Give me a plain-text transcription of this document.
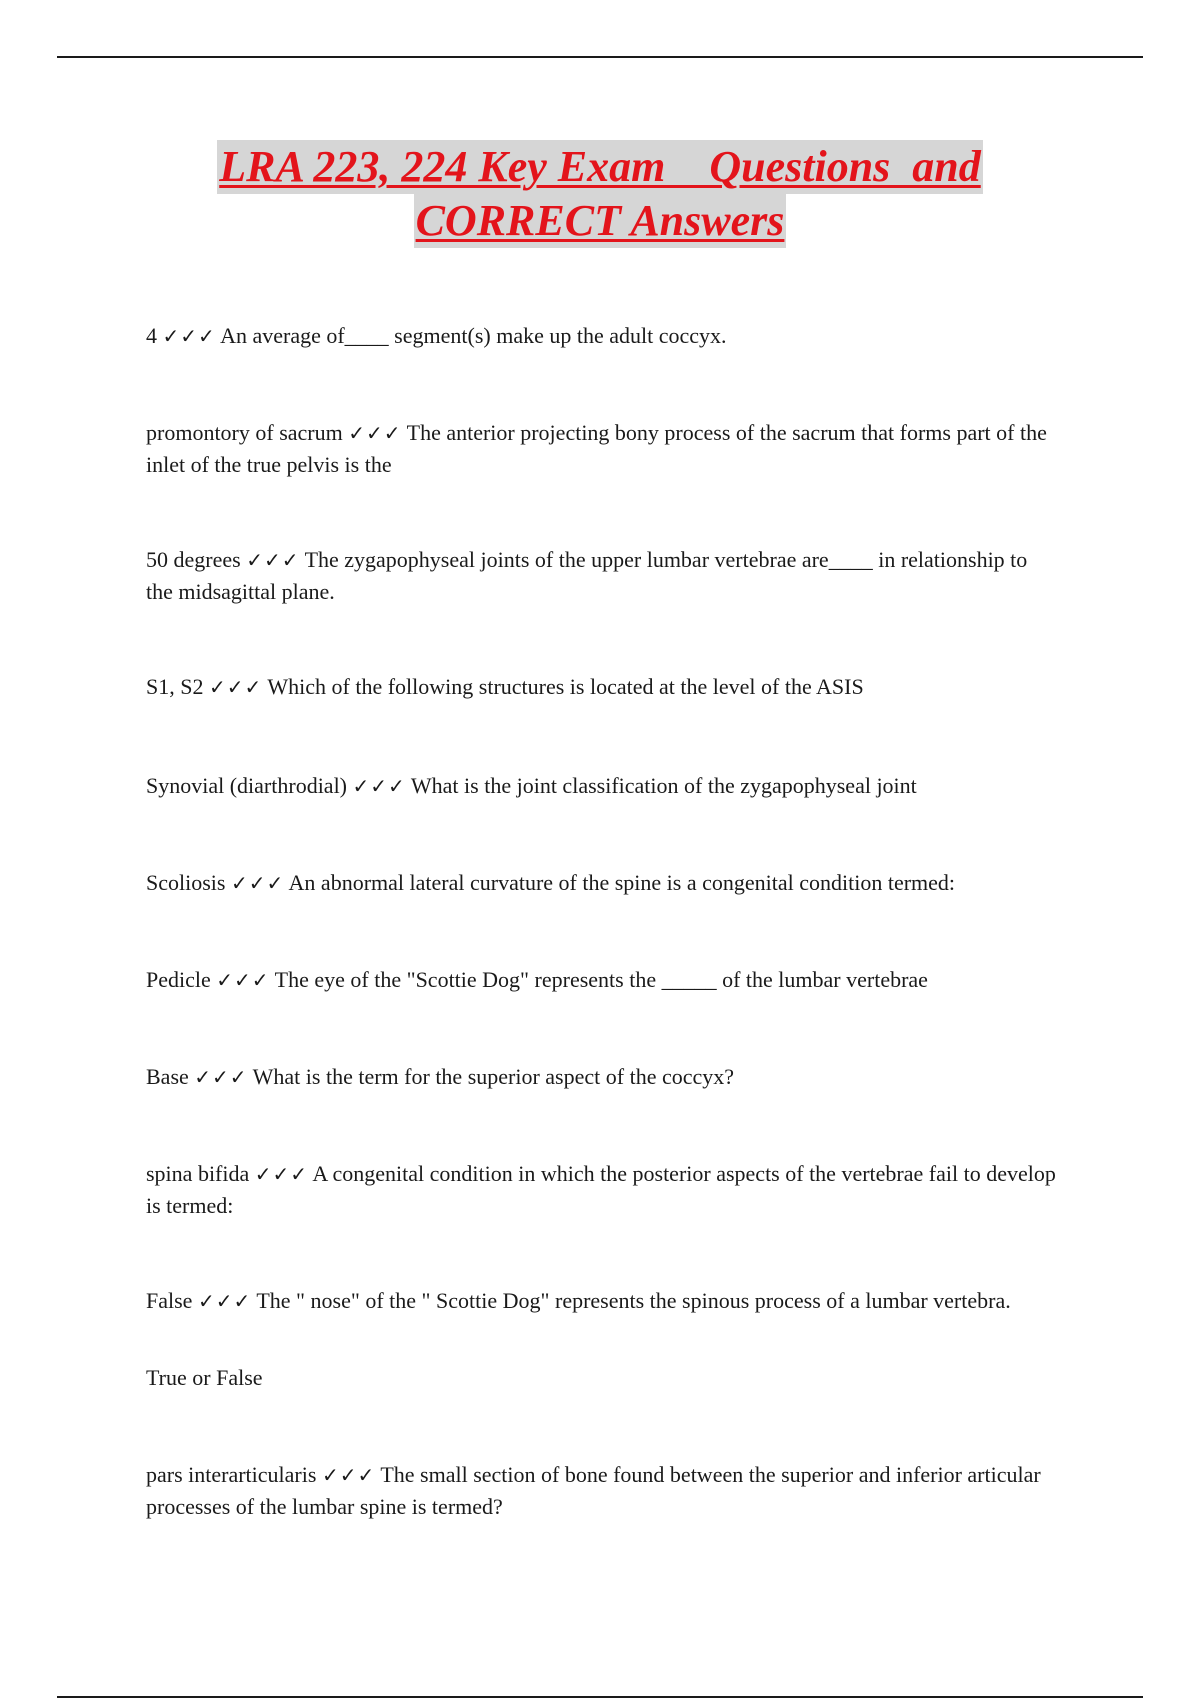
LRA 223, 224 Key Exam    Questions  and
CORRECT Answers

4 ✓✓✓ An average of____ segment(s) make up the adult coccyx.

promontory of sacrum ✓✓✓ The anterior projecting bony process of the sacrum that forms part of the inlet of the true pelvis is the

50 degrees ✓✓✓ The zygapophyseal joints of the upper lumbar vertebrae are____ in relationship to the midsagittal plane.

S1, S2 ✓✓✓ Which of the following structures is located at the level of the ASIS

Synovial (diarthrodial) ✓✓✓ What is the joint classification of the zygapophyseal joint

Scoliosis ✓✓✓ An abnormal lateral curvature of the spine is a congenital condition termed:

Pedicle ✓✓✓ The eye of the "Scottie Dog" represents the _____ of the lumbar vertebrae

Base ✓✓✓ What is the term for the superior aspect of the coccyx?

spina bifida ✓✓✓ A congenital condition in which the posterior aspects of the vertebrae fail to develop is termed:

False ✓✓✓ The " nose" of the " Scottie Dog" represents the spinous process of a lumbar vertebra.

True or False

pars interarticularis ✓✓✓ The small section of bone found between the superior and inferior articular processes of the lumbar spine is termed?
